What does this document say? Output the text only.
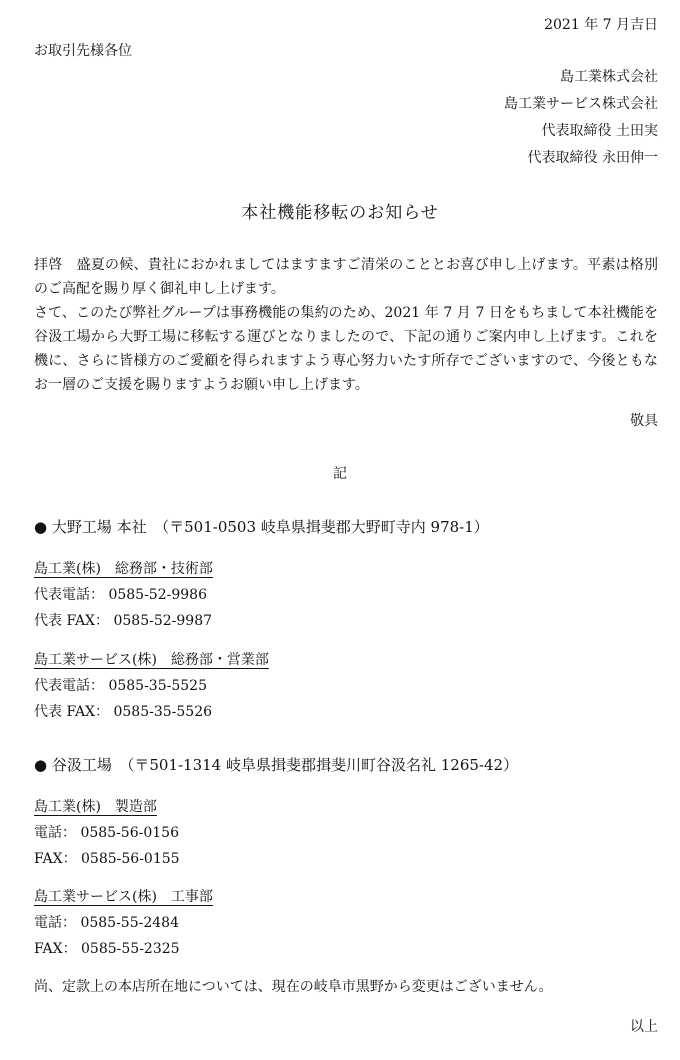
2021 年 7 月吉日
お取引先様各位
島工業株式会社
島工業サービス株式会社
代表取締役 土田実　
代表取締役 永田伸一
本社機能移転のお知らせ

拝啓　盛夏の候、貴社におかれましてはますますご清栄のこととお喜び申し上げます。平素は格別のご高配を賜り厚く御礼申し上げます。

さて、このたび弊社グループは事務機能の集約のため、2021 年 7 月 7 日をもちまして本社機能を谷汲工場から大野工場に移転する運びとなりましたので、下記の通りご案内申し上げます。これを機に、さらに皆様方のご愛顧を得られますよう専心努力いたす所存でございますので、今後ともなお一層のご支援を賜りますようお願い申し上げます。

敬具
記
● 大野工場 本社　（〒501-0503 岐阜県揖斐郡大野町寺内 978-1）
島工業(株)　総務部・技術部
代表電話： 0585-52-9986
代表 FAX： 0585-52-9987
島工業サービス(株)　総務部・営業部
代表電話： 0585-35-5525
代表 FAX： 0585-35-5526
● 谷汲工場　（〒501-1314 岐阜県揖斐郡揖斐川町谷汲名礼 1265-42）
島工業(株)　製造部
電話： 0585-56-0156
FAX： 0585-56-0155
島工業サービス(株)　工事部
電話： 0585-55-2484
FAX： 0585-55-2325
尚、定款上の本店所在地については、現在の岐阜市黒野から変更はございません。
以上
